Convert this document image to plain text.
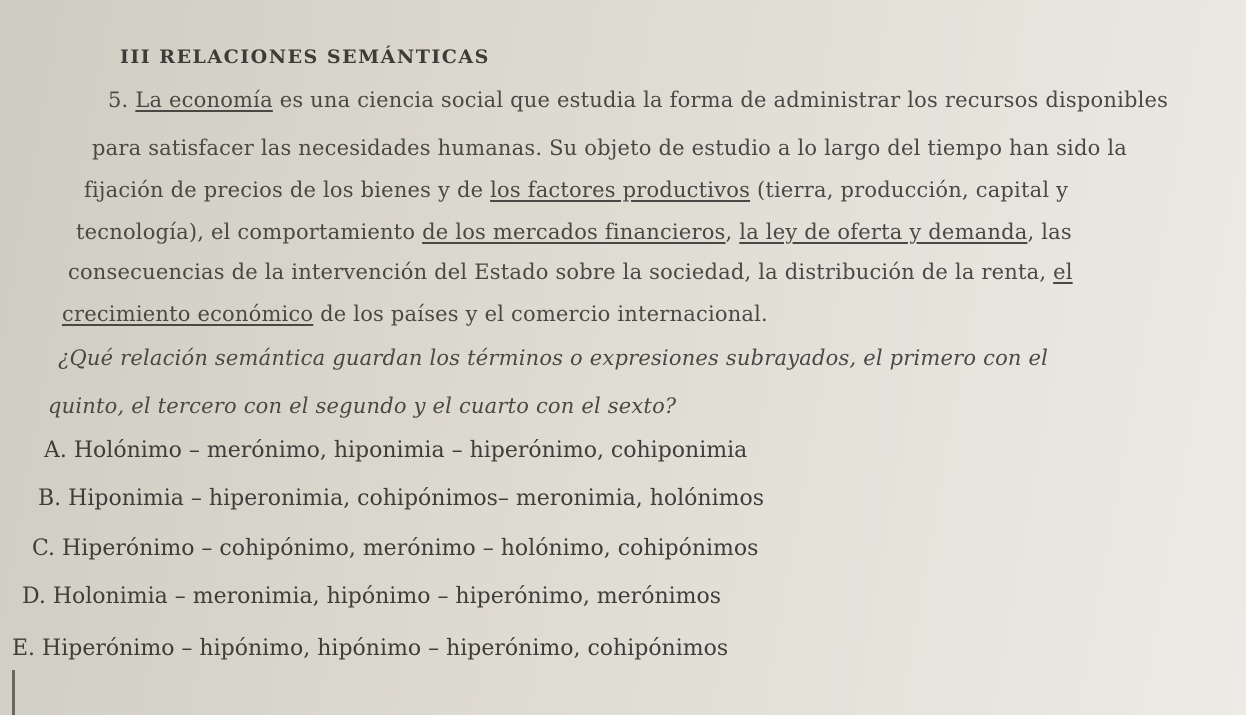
III RELACIONES SEMÁNTICAS
5. La economía es una ciencia social que estudia la forma de administrar los recursos disponibles
para satisfacer las necesidades humanas. Su objeto de estudio a lo largo del tiempo han sido la
fijación de precios de los bienes y de los factores productivos (tierra, producción, capital y
tecnología), el comportamiento de los mercados financieros, la ley de oferta y demanda, las
consecuencias de la intervención del Estado sobre la sociedad, la distribución de la renta, el
crecimiento económico de los países y el comercio internacional.
¿Qué relación semántica guardan los términos o expresiones subrayados, el primero con el
quinto, el tercero con el segundo y el cuarto con el sexto?
A. Holónimo – merónimo, hiponimia – hiperónimo, cohiponimia
B. Hiponimia – hiperonimia, cohipónimos– meronimia, holónimos
C. Hiperónimo – cohipónimo, merónimo – holónimo, cohipónimos
D. Holonimia – meronimia, hipónimo – hiperónimo, merónimos
E. Hiperónimo – hipónimo, hipónimo – hiperónimo, cohipónimos
